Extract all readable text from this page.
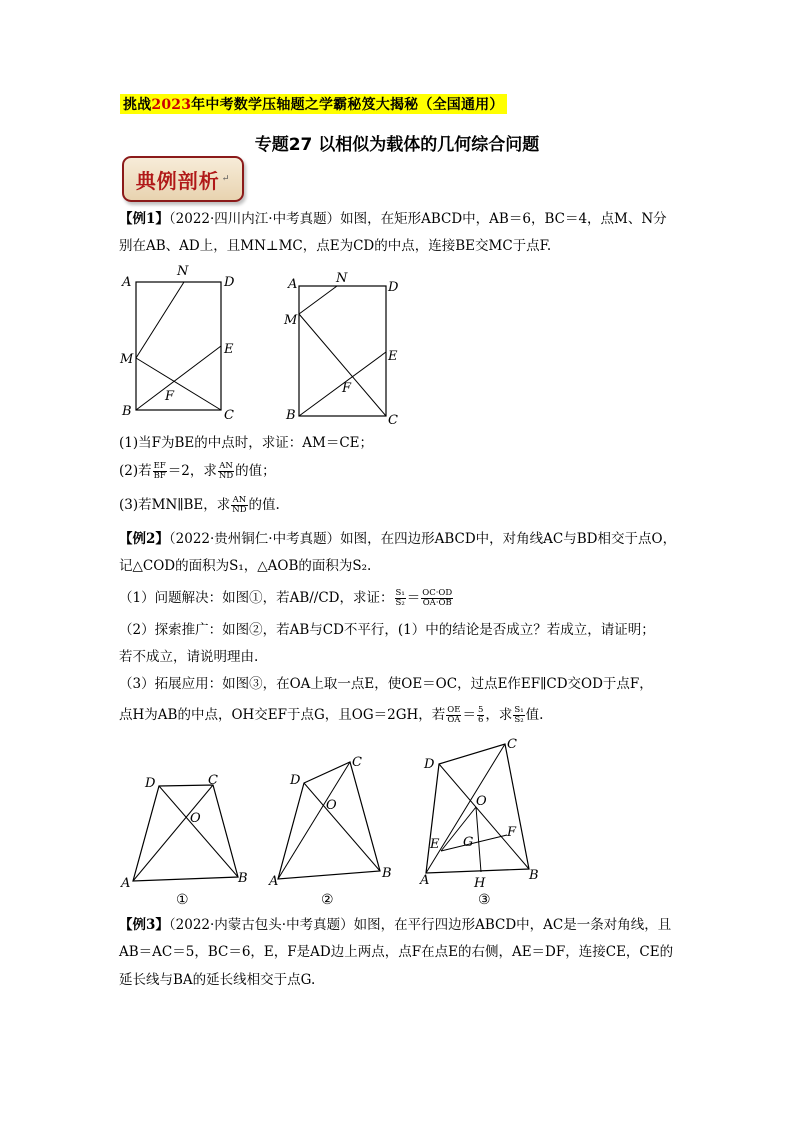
挑战2023年中考数学压轴题之学霸秘笈大揭秘（全国通用）
专题27 以相似为载体的几何综合问题
典例剖析 ↵
【例1】（2022·四川内江·中考真题）如图，在矩形ABCD中，AB＝6，BC＝4，点M、N分
别在AB、AD上，且MN⊥MC，点E为CD的中点，连接BE交MC于点F.
A
N
D
M
E
F
B	C
A	N
D
M
E
F
B	C
(1)当F为BE的中点时，求证：AM＝CE；
(2)若 $\frac{EF}{BF} =2$，求 $\frac{AN}{ND}$ 的值；
(3)若MN∥BE，求 $\frac{AN}{ND}$ 的值.
【例2】（2022·贵州铜仁·中考真题）如图，在四边形ABCD中，对角线AC与BD相交于点O，
记△COD的面积为S₁，△AOB的面积为S₂.
（1）问题解决：如图①，若AB//CD，求证： $\frac{\text{S₁}}{\text{S₂}} = \frac{OC\cdot OD}{OA\cdot OB}$
（2）探索推广：如图②，若AB与CD不平行，(1）中的结论是否成立？若成立，请证明；
若不成立，请说明理由.
（3）拓展应用：如图③，在OA上取一点E，使OE＝OC，过点E作EF∥CD交OD于点F，
点H为AB的中点，OH交EF于点G，且OG＝2GH，若 $\frac{OE}{OA} = \frac{5}{6}$ ，求 $\frac{\text{S₁}}{\text{S₂}}$ 值.
D	C
O
A	B
①
D
C
O
A
B
②
D
C
O
F
E G
A	H
B
③
【例3】（2022·内蒙古包头·中考真题）如图，在平行四边形ABCD中，AC是一条对角线，且
AB＝AC＝5，BC＝6，E，F是AD边上两点，点F在点E的右侧，AE＝DF，连接CE，CE的
延长线与BA的延长线相交于点G.
